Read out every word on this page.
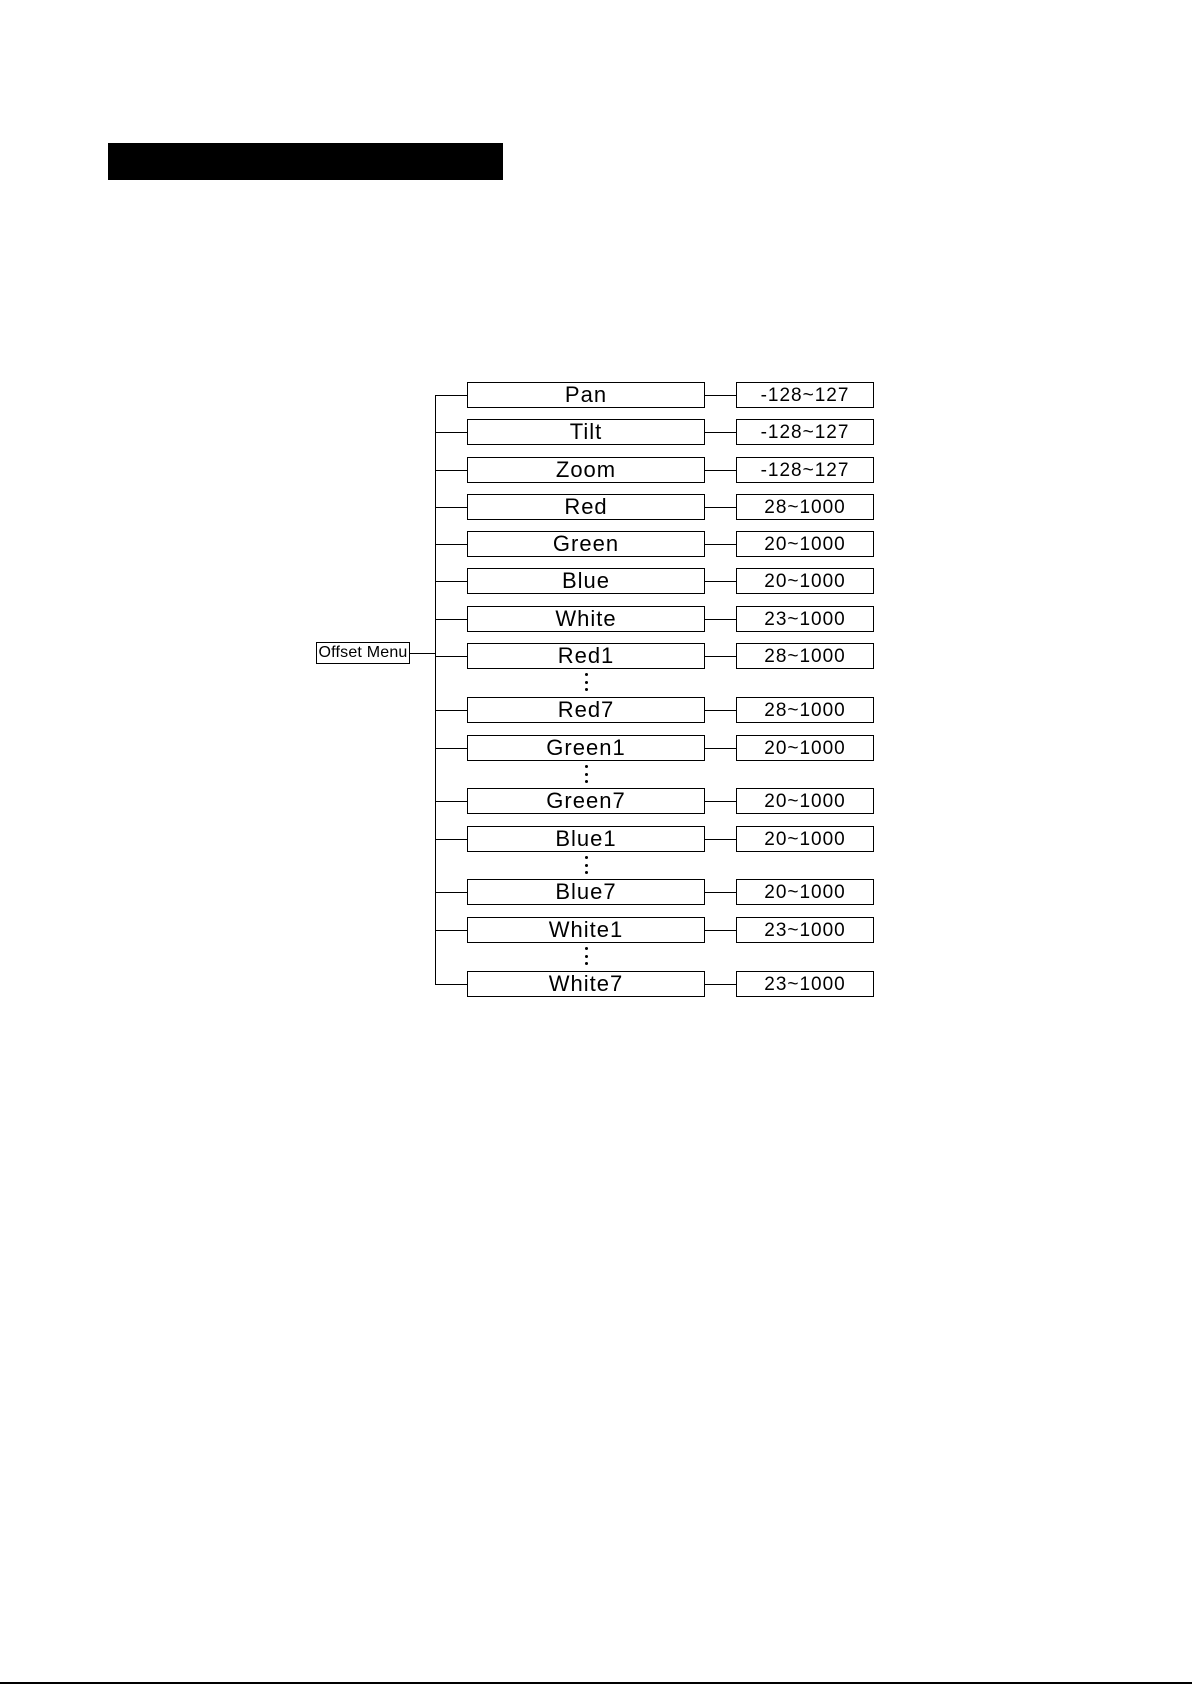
Offset Menu
Pan	-128~127
Tilt	-128~127
Zoom	-128~127
Red	28~1000
Green	20~1000
Blue	20~1000
White	23~1000
Red1	28~1000
Red7	28~1000
Green1	20~1000
Green7	20~1000
Blue1	20~1000
Blue7	20~1000
White1	23~1000
White7	23~1000
